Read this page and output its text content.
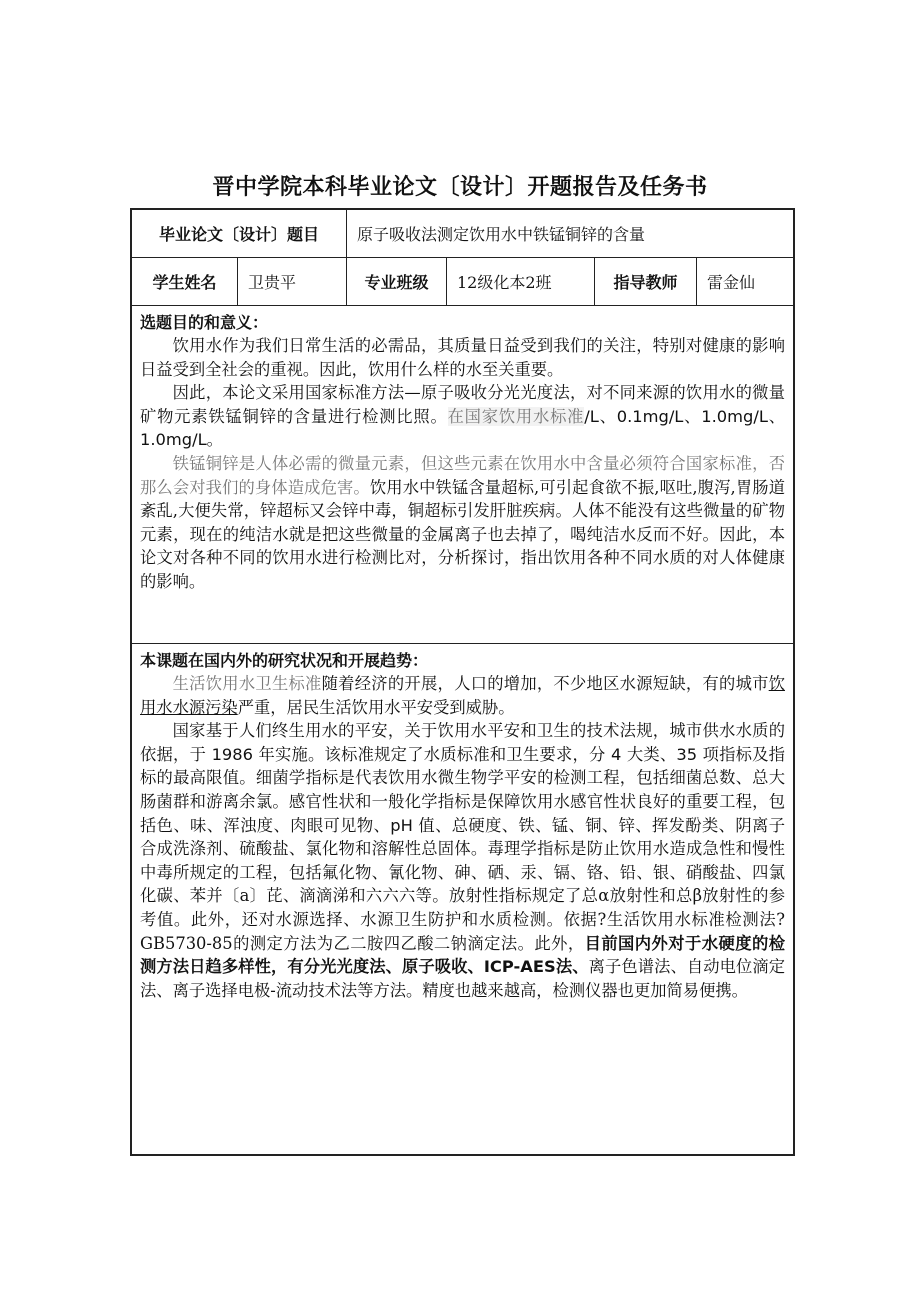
晋中学院本科毕业论文〔设计〕开题报告及任务书
毕业论文〔设计〕题目	原子吸收法测定饮用水中铁锰铜锌的含量
学生姓名	卫贵平	专业班级	12级化本2班	指导教师	雷金仙
选题目的和意义：

饮用水作为我们日常生活的必需品，其质量日益受到我们的关注，特别对健康的影响日益受到全社会的重视。因此，饮用什么样的水至关重要。

因此，本论文采用国家标准方法—原子吸收分光光度法，对不同来源的饮用水的微量矿物元素铁锰铜锌的含量进行检测比照。在国家饮用水标准/L、0.1mg/L、1.0mg/L、1.0mg/L。

铁锰铜锌是人体必需的微量元素，但这些元素在饮用水中含量必须符合国家标准，否那么会对我们的身体造成危害。饮用水中铁锰含量超标,可引起食欲不振,呕吐,腹泻,胃肠道紊乱,大便失常，锌超标又会锌中毒，铜超标引发肝脏疾病。人体不能没有这些微量的矿物元素，现在的纯洁水就是把这些微量的金属离子也去掉了，喝纯洁水反而不好。因此，本论文对各种不同的饮用水进行检测比对，分析探讨，指出饮用各种不同水质的对人体健康的影响。

本课题在国内外的研究状况和开展趋势：

生活饮用水卫生标准随着经济的开展，人口的增加，不少地区水源短缺，有的城市饮用水水源污染严重，居民生活饮用水平安受到威胁。

国家基于人们终生用水的平安，关于饮用水平安和卫生的技术法规，城市供水水质的依据，于 1986 年实施。该标准规定了水质标准和卫生要求，分 4 大类、35 项指标及指标的最高限值。细菌学指标是代表饮用水微生物学平安的检测工程，包括细菌总数、总大肠菌群和游离余氯。感官性状和一般化学指标是保障饮用水感官性状良好的重要工程，包括色、味、浑浊度、肉眼可见物、pH 值、总硬度、铁、锰、铜、锌、挥发酚类、阴离子合成洗涤剂、硫酸盐、氯化物和溶解性总固体。毒理学指标是防止饮用水造成急性和慢性中毒所规定的工程，包括氟化物、氰化物、砷、硒、汞、镉、铬、铅、银、硝酸盐、四氯化碳、苯并〔a〕芘、滴滴涕和六六六等。放射性指标规定了总α放射性和总β放射性的参考值。此外，还对水源选择、水源卫生防护和水质检测。依据?生活饮用水标准检测法?GB5730-85的测定方法为乙二胺四乙酸二钠滴定法。此外，目前国内外对于水硬度的检测方法日趋多样性，有分光光度法、原子吸收、ICP-AES法、离子色谱法、自动电位滴定法、离子选择电极-流动技术法等方法。精度也越来越高，检测仪器也更加简易便携。
